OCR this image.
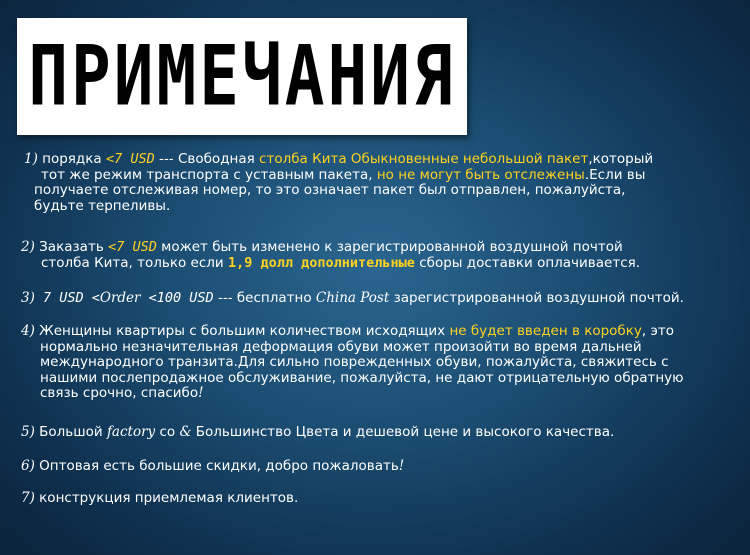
ПРИМЕЧАНИЯ
1) порядка <7 USD --- Свободная столба Кита Обыкновенные небольшой пакет,который
тот же режим транспорта с уставным пакета, но не могут быть отслежены.Если вы
получаете отслеживая номер, то это означает пакет был отправлен, пожалуйста,
будьте терпеливы.
2) Заказать <7 USD может быть изменено к зарегистрированной воздушной почтой
столба Кита, только если 1,9 долл дополнительные сборы доставки оплачивается.
3) 7 USD <Order <100 USD --- бесплатно China Post зарегистрированной воздушной почтой.
4) Женщины квартиры с большим количеством исходящих не будет введен в коробку, это
нормально незначительная деформация обуви может произойти во время дальней
международного транзита.Для сильно поврежденных обуви, пожалуйста, свяжитесь с
нашими послепродажное обслуживание, пожалуйста, не дают отрицательную обратную
связь срочно, спасибо!
5) Большой factory со & Большинство Цвета и дешевой цене и высокого качества.
6) Оптовая есть большие скидки, добро пожаловать!
7) конструкция приемлемая клиентов.
